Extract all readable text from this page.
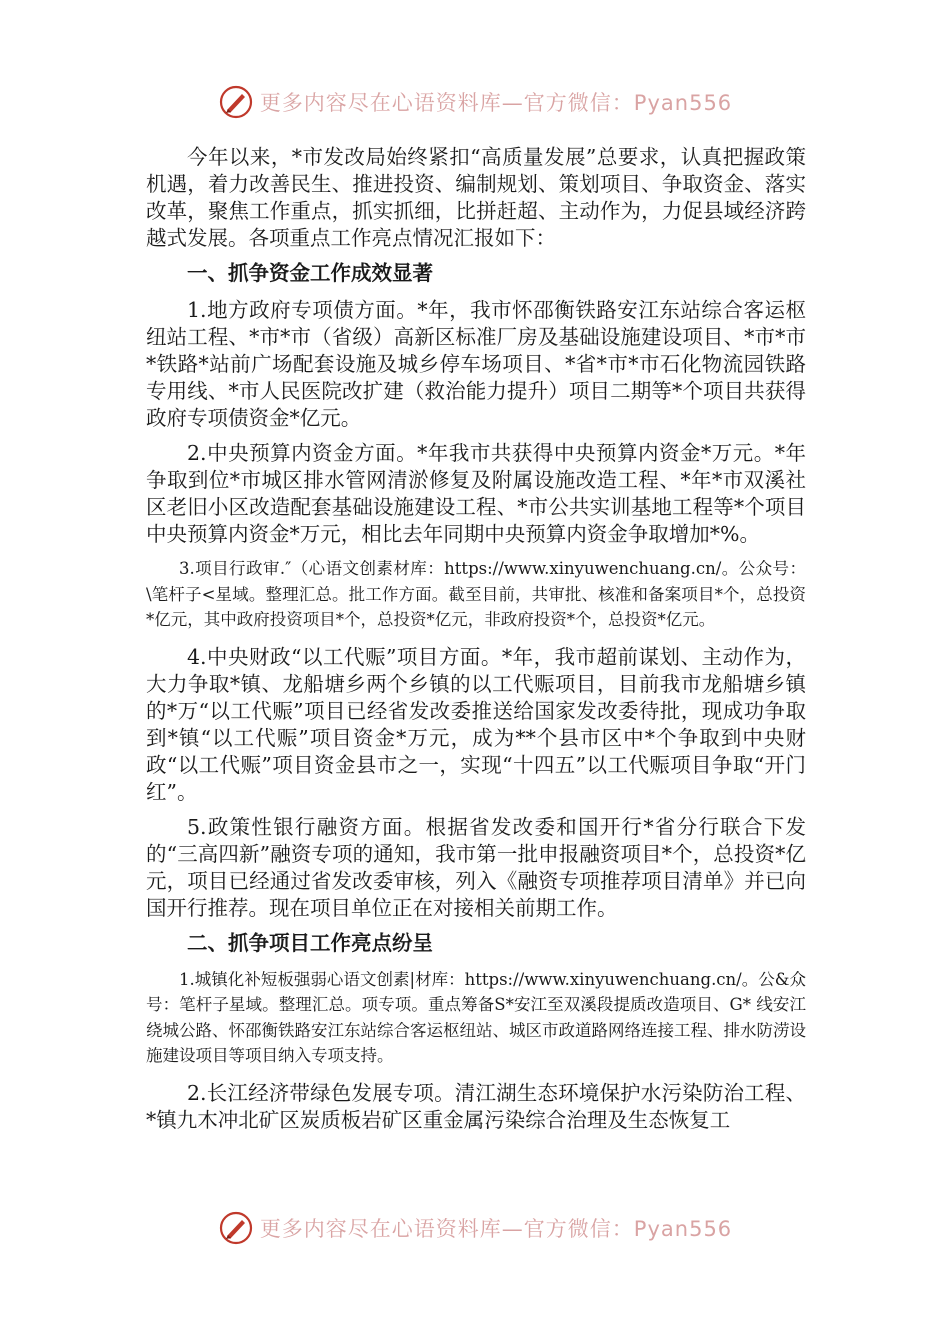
更多内容尽在心语资料库—官方微信：Pyan556

今年以来，*市发改局始终紧扣“高质量发展”总要求，认真把握政策机遇，着力改善民生、推进投资、编制规划、策划项目、争取资金、落实改革，聚焦工作重点，抓实抓细，比拼赶超、主动作为，力促县域经济跨越式发展。各项重点工作亮点情况汇报如下：

一、抓争资金工作成效显著

1.地方政府专项债方面。*年，我市怀邵衡铁路安江东站综合客运枢纽站工程、*市*市（省级）高新区标准厂房及基础设施建设项目、*市*市*铁路*站前广场配套设施及城乡停车场项目、*省*市*市石化物流园铁路专用线、*市人民医院改扩建（救治能力提升）项目二期等*个项目共获得政府专项债资金*亿元。

2.中央预算内资金方面。*年我市共获得中央预算内资金*万元。*年争取到位*市城区排水管网清淤修复及附属设施改造工程、*年*市双溪社区老旧小区改造配套基础设施建设工程、*市公共实训基地工程等*个项目中央预算内资金*万元，相比去年同期中央预算内资金争取增加*%。

3.项目行政审.″（心语文创素材库：https://www.xinyuwenchuang.cn/。公众号：\笔杆子<星域。整理汇总。批工作方面。截至目前，共审批、核准和备案项目*个，总投资*亿元，其中政府投资项目*个，总投资*亿元，非政府投资*个，总投资*亿元。

4.中央财政“以工代赈”项目方面。*年，我市超前谋划、主动作为，大力争取*镇、龙船塘乡两个乡镇的以工代赈项目，目前我市龙船塘乡镇的*万“以工代赈”项目已经省发改委推送给国家发改委待批，现成功争取到*镇“以工代赈”项目资金*万元，成为**个县市区中*个争取到中央财政“以工代赈”项目资金县市之一，实现“十四五”以工代赈项目争取“开门红”。

5.政策性银行融资方面。根据省发改委和国开行*省分行联合下发的“三高四新”融资专项的通知，我市第一批申报融资项目*个，总投资*亿元，项目已经通过省发改委审核，列入《融资专项推荐项目清单》并已向国开行推荐。现在项目单位正在对接相关前期工作。

二、抓争项目工作亮点纷呈

1.城镇化补短板强弱心语文创素|材库：https://www.xinyuwenchuang.cn/。公&众号：笔杆子星域。整理汇总。项专项。重点筹备S*安江至双溪段提质改造项目、G* 线安江绕城公路、怀邵衡铁路安江东站综合客运枢纽站、城区市政道路网络连接工程、排水防涝设施建设项目等项目纳入专项支持。

2.长江经济带绿色发展专项。清江湖生态环境保护水污染防治工程、*镇九木冲北矿区炭质板岩矿区重金属污染综合治理及生态恢复工

更多内容尽在心语资料库—官方微信：Pyan556
